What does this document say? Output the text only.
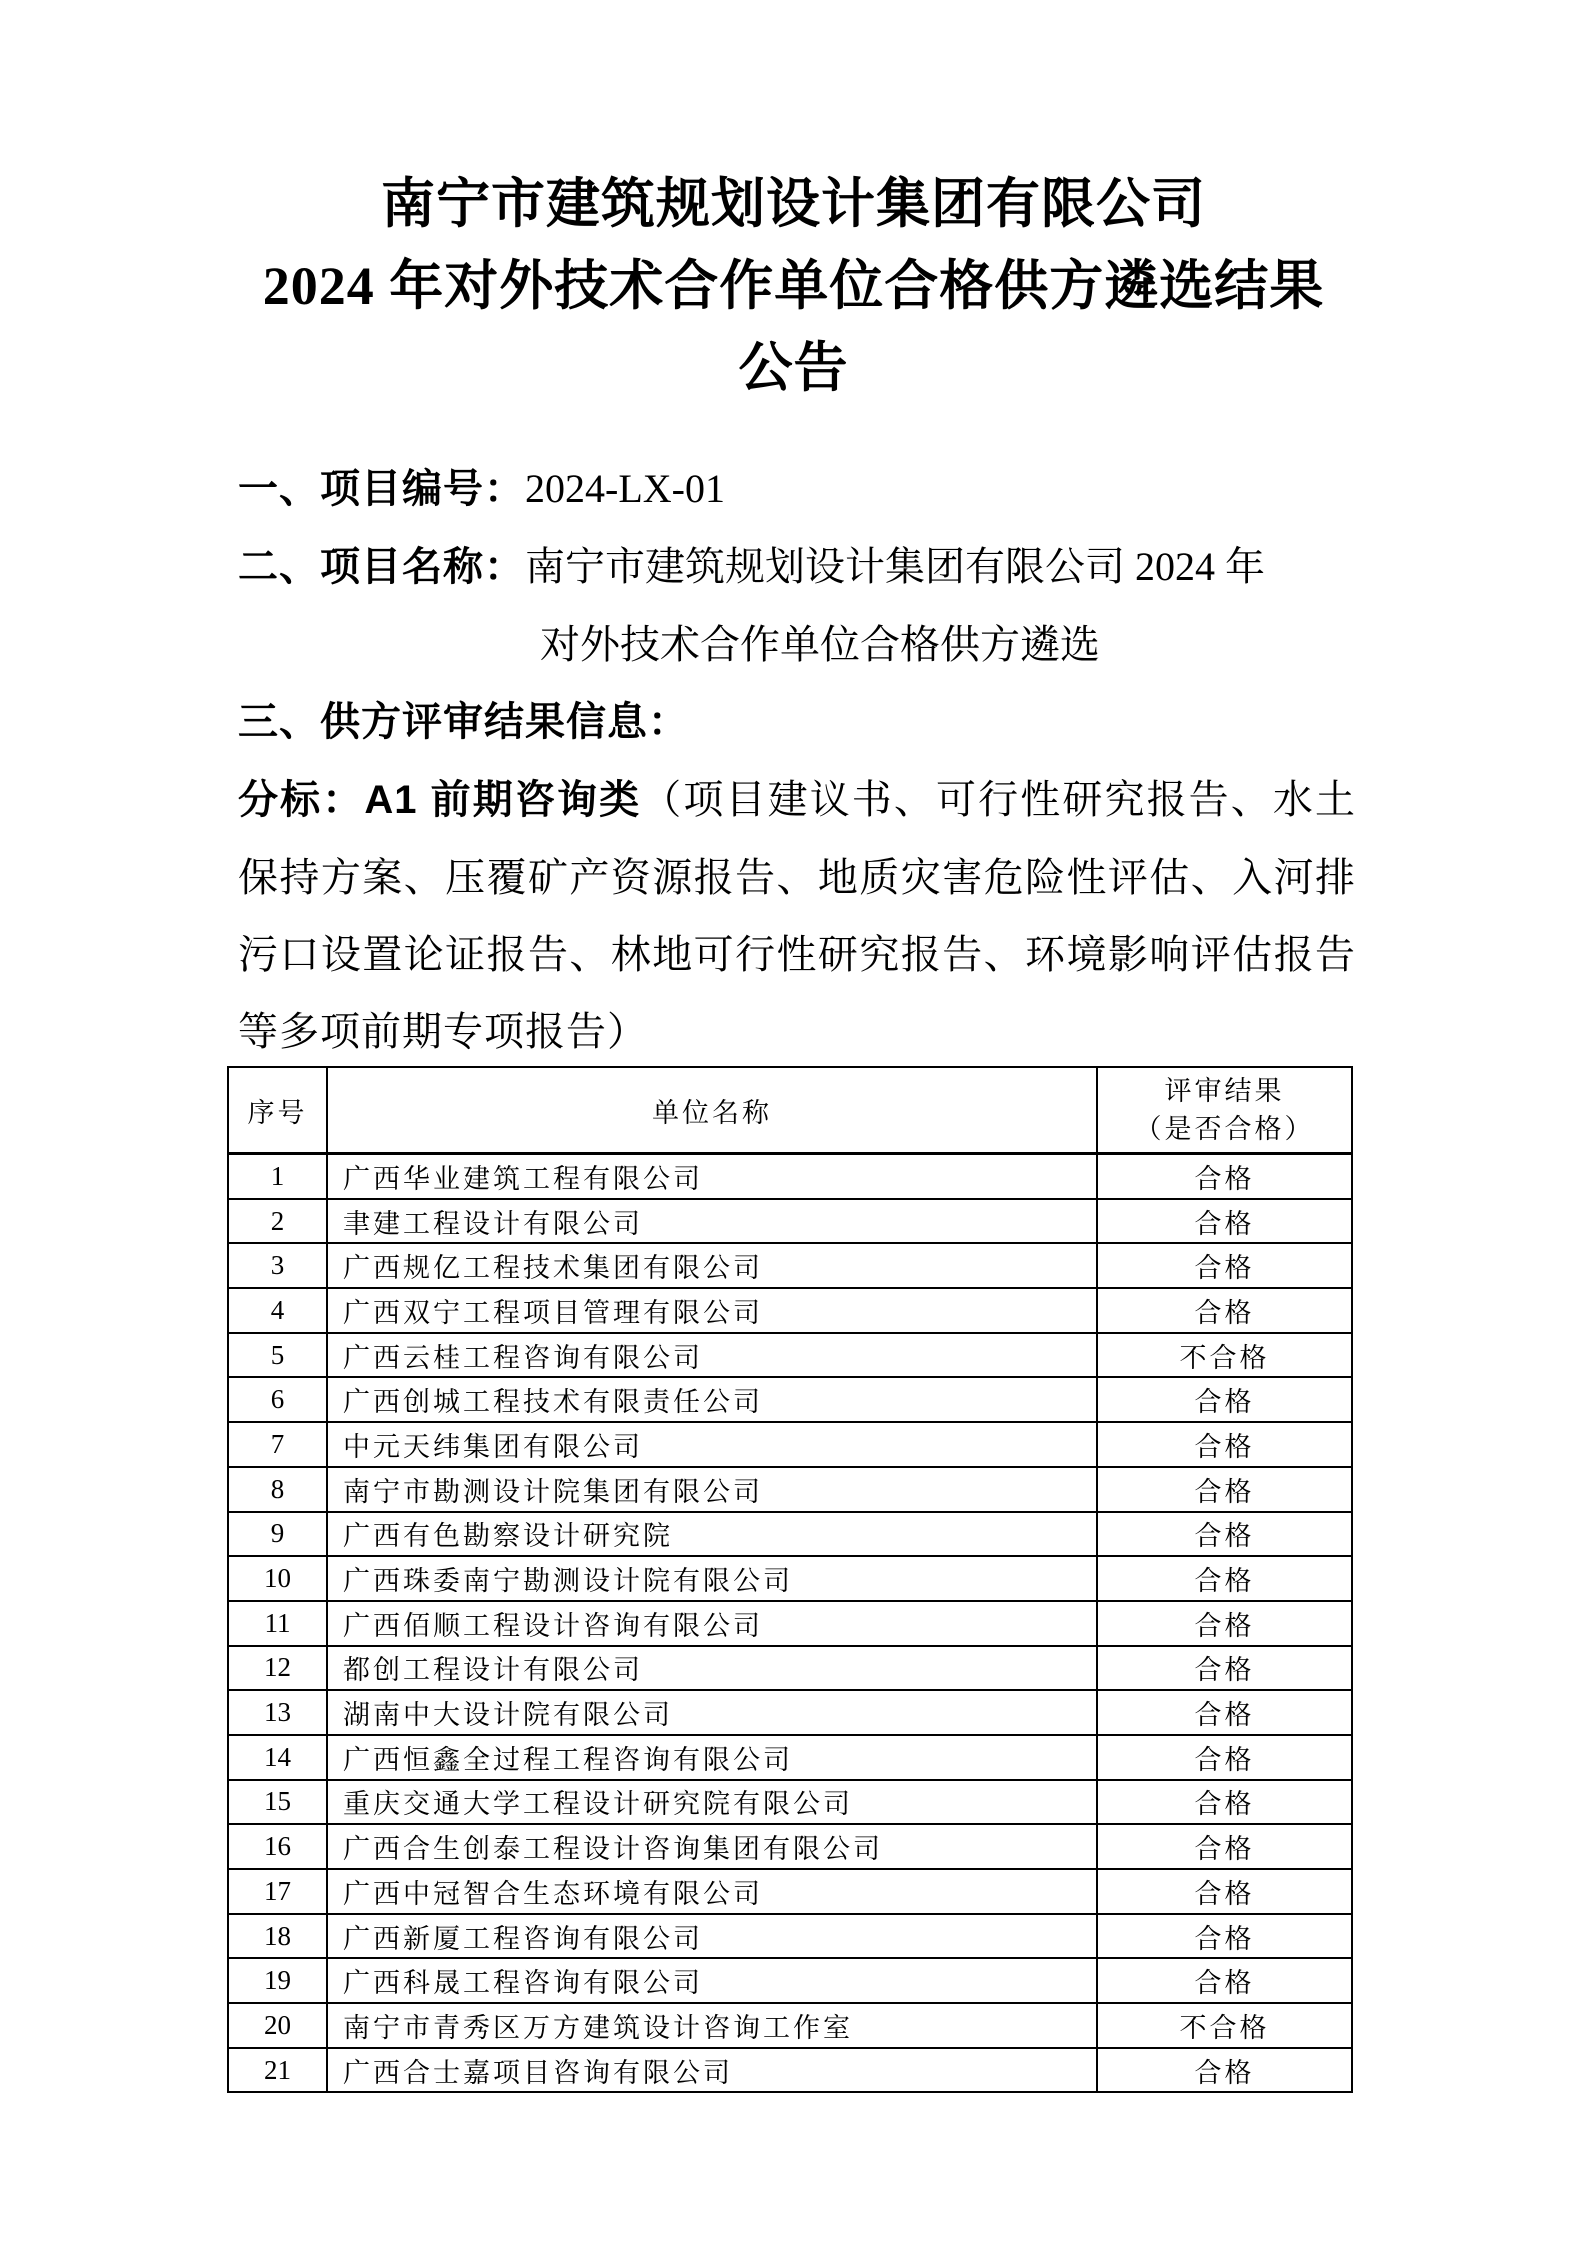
南宁市建筑规划设计集团有限公司
2024 年对外技术合作单位合格供方遴选结果
公告
一、项目编号：2024-LX-01
二、项目名称：南宁市建筑规划设计集团有限公司 2024 年
对外技术合作单位合格供方遴选
三、供方评审结果信息：

分标：A1 前期咨询类（项目建议书、可行性研究报告、水土保持方案、压覆矿产资源报告、地质灾害危险性评估、入河排污口设置论证报告、林地可行性研究报告、环境影响评估报告等多项前期专项报告）

序号	单位名称	评审结果
（是否合格）

1	广西华业建筑工程有限公司	合格
2	聿建工程设计有限公司	合格
3	广西规亿工程技术集团有限公司	合格
4	广西双宁工程项目管理有限公司	合格
5	广西云桂工程咨询有限公司	不合格
6	广西创城工程技术有限责任公司	合格
7	中元天纬集团有限公司	合格
8	南宁市勘测设计院集团有限公司	合格
9	广西有色勘察设计研究院	合格
10	广西珠委南宁勘测设计院有限公司	合格
11	广西佰顺工程设计咨询有限公司	合格
12	都创工程设计有限公司	合格
13	湖南中大设计院有限公司	合格
14	广西恒鑫全过程工程咨询有限公司	合格
15	重庆交通大学工程设计研究院有限公司	合格
16	广西合生创泰工程设计咨询集团有限公司	合格
17	广西中冠智合生态环境有限公司	合格
18	广西新厦工程咨询有限公司	合格
19	广西科晟工程咨询有限公司	合格
20	南宁市青秀区万方建筑设计咨询工作室	不合格
21	广西合士嘉项目咨询有限公司	合格
